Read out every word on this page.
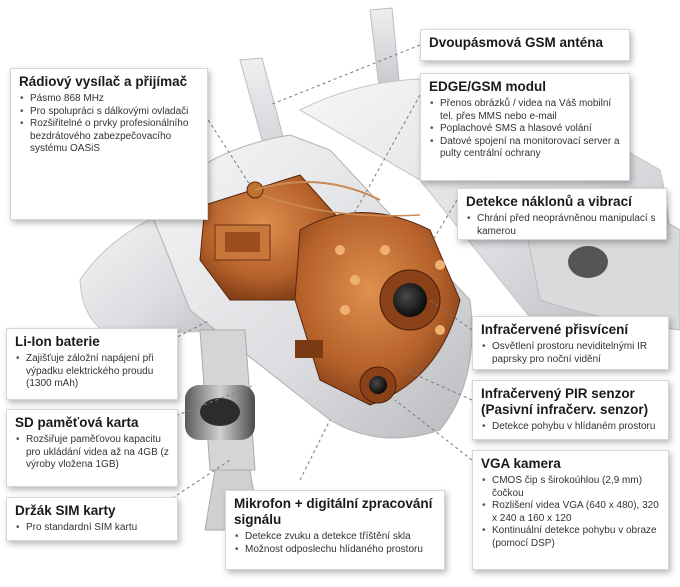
Rádiový vysílač a přijímač
• Pásmo 868 MHz
• Pro spolupráci s dálkovými ovladači
• Rozšiřitelné o prvky profesionálního bezdrátového zabezpečovacího systému OASiS
Dvoupásmová GSM anténa
EDGE/GSM modul
• Přenos obrázků / videa na Váš mobilní tel. přes MMS nebo e-mail
• Poplachové SMS a hlasové volání
• Datové spojení na monitorovací server a pulty centrální ochrany
Detekce náklonů a vibrací
• Chrání před neoprávněnou manipulací s kamerou
Li-Ion baterie
• Zajišťuje záložní napájení při výpadku elektrického proudu (1300 mAh)
Infračervené přisvícení
• Osvětlení prostoru neviditelnými IR paprsky pro noční vidění
Infračervený PIR senzor (Pasivní infračerv. senzor)
• Detekce pohybu v hlídaném prostoru
SD paměťová karta
• Rozšiřuje paměťovou kapacitu pro ukládání videa až na 4GB (z výroby vložena 1GB)	VGA kamera
• CMOS čip s širokoúhlou (2,9 mm) čočkou
• Rozlišení videa VGA (640 x 480), 320 x 240 a 160 x 120
• Kontinuální detekce pohybu v obraze (pomocí DSP)
Držák SIM karty
• Pro standardní SIM kartu
Mikrofon + digitální zpracování signálu
• Detekce zvuku a detekce tříštění skla
• Možnost odposlechu hlídaného prostoru
